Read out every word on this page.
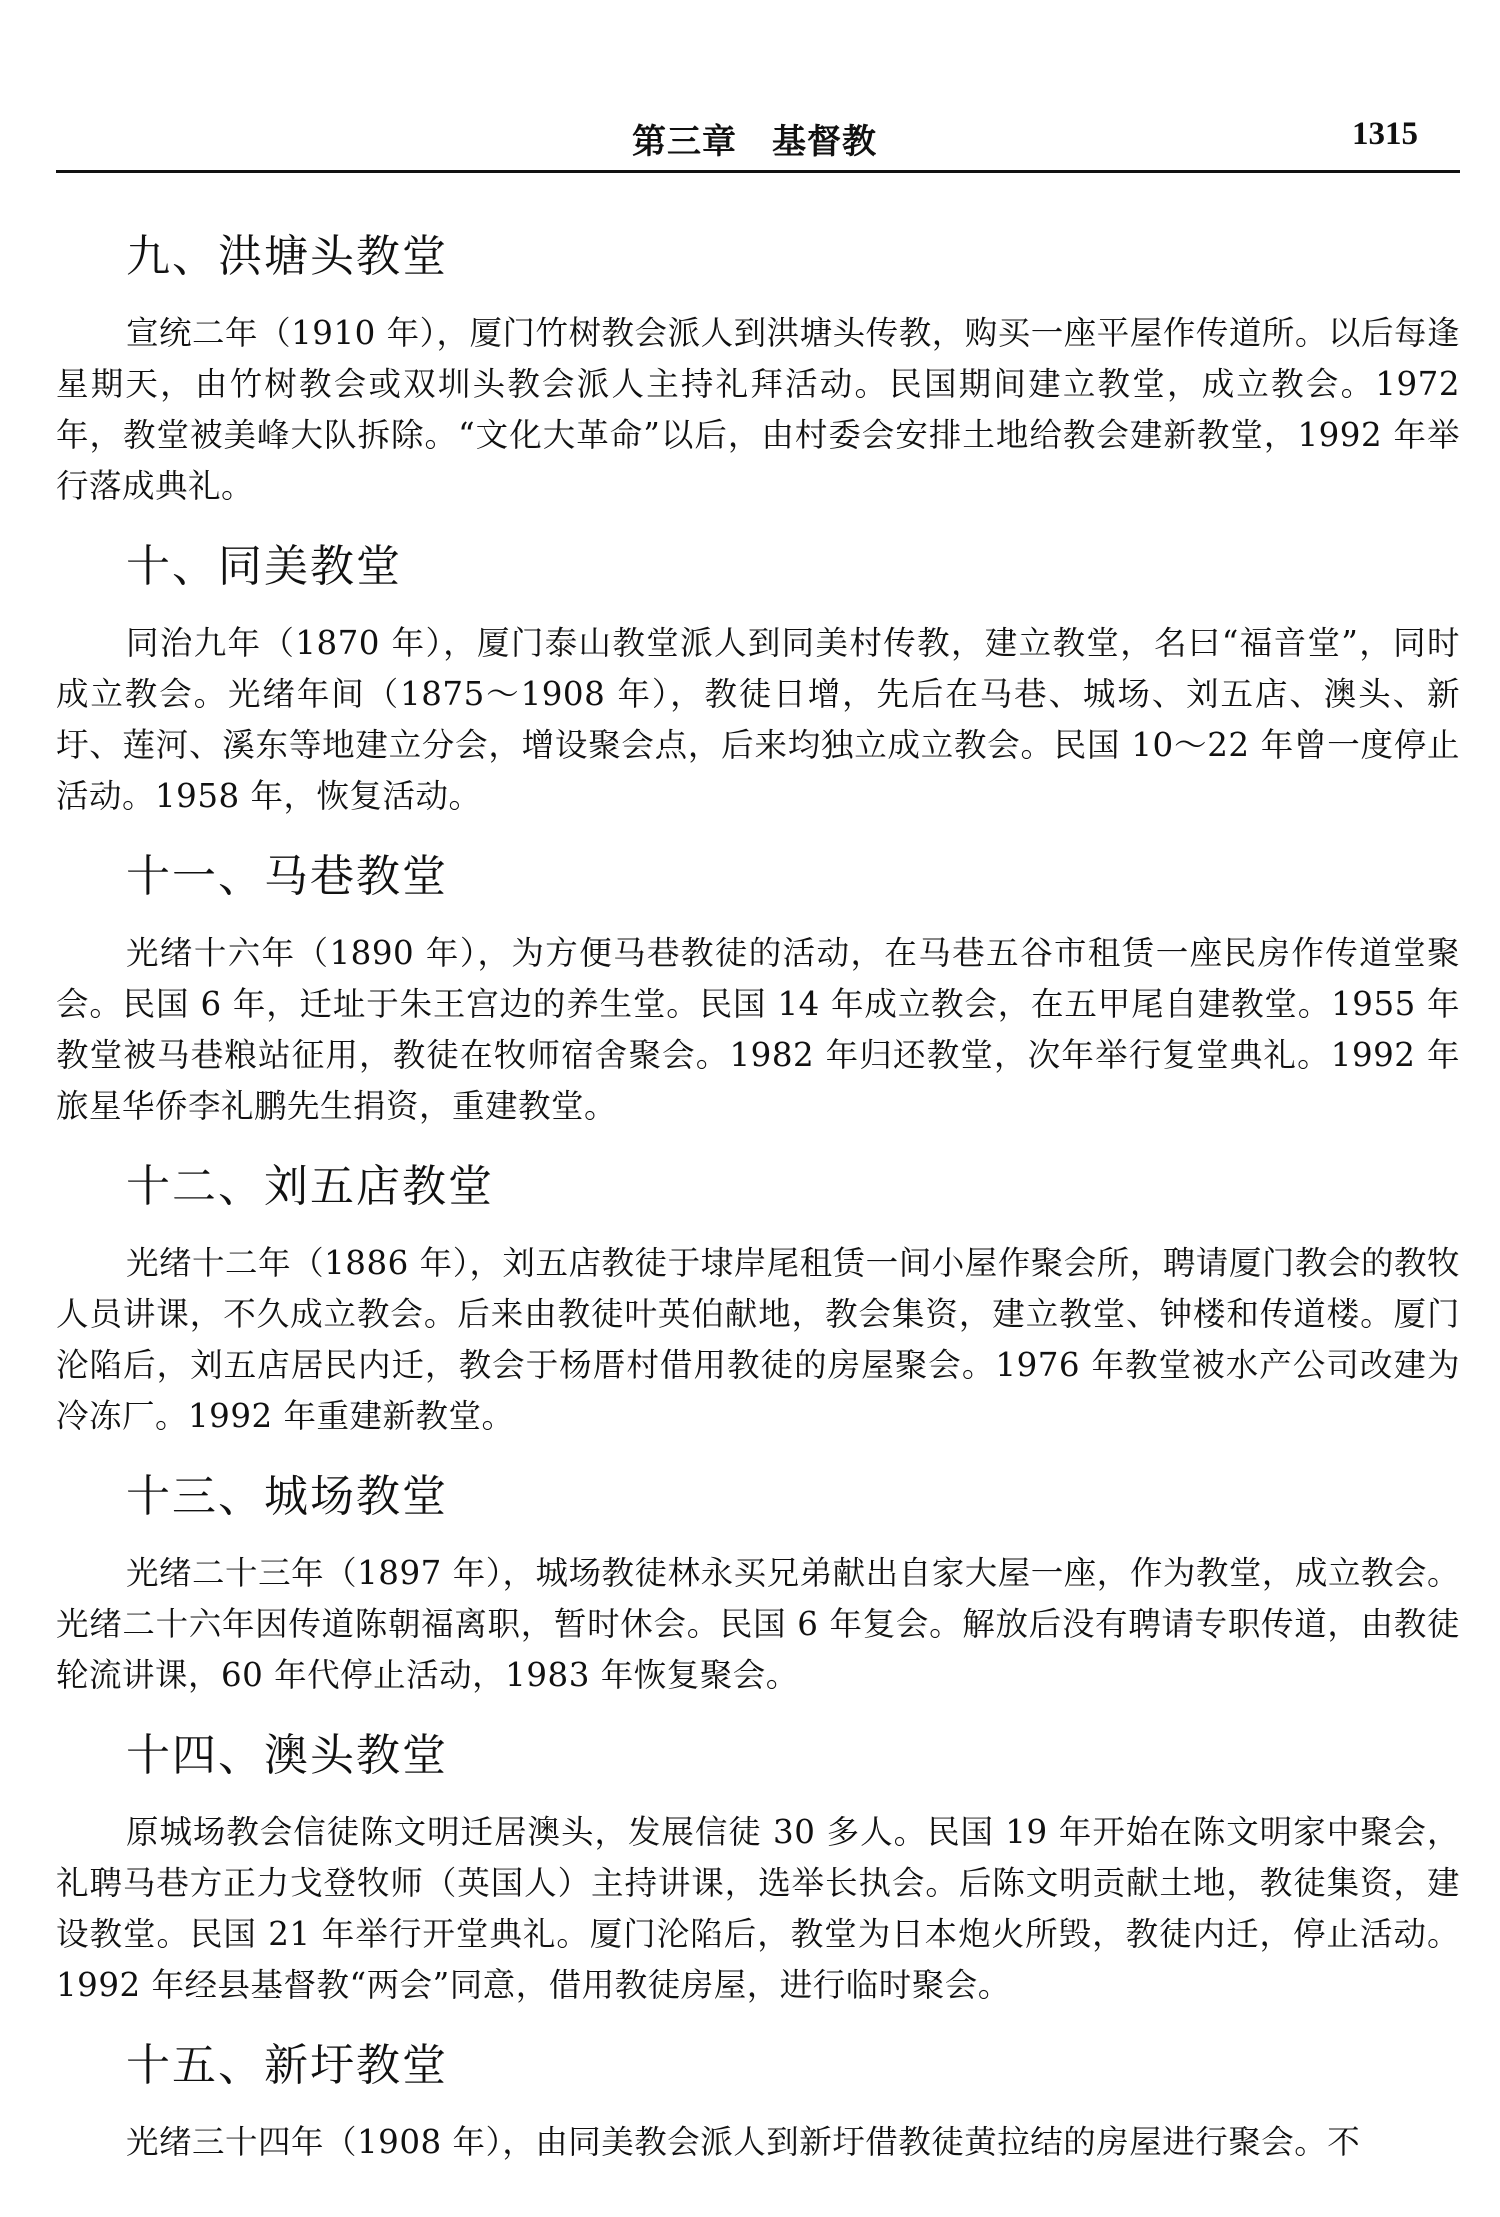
第三章　基督教	1315
九、洪塘头教堂

宣统二年（1910 年），厦门竹树教会派人到洪塘头传教，购买一座平屋作传道所。以后每逢星期天，由竹树教会或双圳头教会派人主持礼拜活动。民国期间建立教堂，成立教会。1972 年，教堂被美峰大队拆除。“文化大革命”以后，由村委会安排土地给教会建新教堂，1992 年举行落成典礼。

十、同美教堂

同治九年（1870 年），厦门泰山教堂派人到同美村传教，建立教堂，名曰“福音堂”，同时成立教会。光绪年间（1875～1908 年），教徒日增，先后在马巷、城场、刘五店、澳头、新圩、莲河、溪东等地建立分会，增设聚会点，后来均独立成立教会。民国 10～22 年曾一度停止活动。1958 年，恢复活动。

十一、马巷教堂

光绪十六年（1890 年），为方便马巷教徒的活动，在马巷五谷市租赁一座民房作传道堂聚会。民国 6 年，迁址于朱王宫边的养生堂。民国 14 年成立教会，在五甲尾自建教堂。1955 年教堂被马巷粮站征用，教徒在牧师宿舍聚会。1982 年归还教堂，次年举行复堂典礼。1992 年旅星华侨李礼鹏先生捐资，重建教堂。

十二、刘五店教堂

光绪十二年（1886 年），刘五店教徒于埭岸尾租赁一间小屋作聚会所，聘请厦门教会的教牧人员讲课，不久成立教会。后来由教徒叶英伯献地，教会集资，建立教堂、钟楼和传道楼。厦门沦陷后，刘五店居民内迁，教会于杨厝村借用教徒的房屋聚会。1976 年教堂被水产公司改建为冷冻厂。1992 年重建新教堂。

十三、城场教堂

光绪二十三年（1897 年），城场教徒林永买兄弟献出自家大屋一座，作为教堂，成立教会。光绪二十六年因传道陈朝福离职，暂时休会。民国 6 年复会。解放后没有聘请专职传道，由教徒轮流讲课，60 年代停止活动，1983 年恢复聚会。

十四、澳头教堂

原城场教会信徒陈文明迁居澳头，发展信徒 30 多人。民国 19 年开始在陈文明家中聚会，礼聘马巷方正力戈登牧师（英国人）主持讲课，选举长执会。后陈文明贡献土地，教徒集资，建设教堂。民国 21 年举行开堂典礼。厦门沦陷后，教堂为日本炮火所毁，教徒内迁，停止活动。1992 年经县基督教“两会”同意，借用教徒房屋，进行临时聚会。

十五、新圩教堂

光绪三十四年（1908 年），由同美教会派人到新圩借教徒黄拉结的房屋进行聚会。不
